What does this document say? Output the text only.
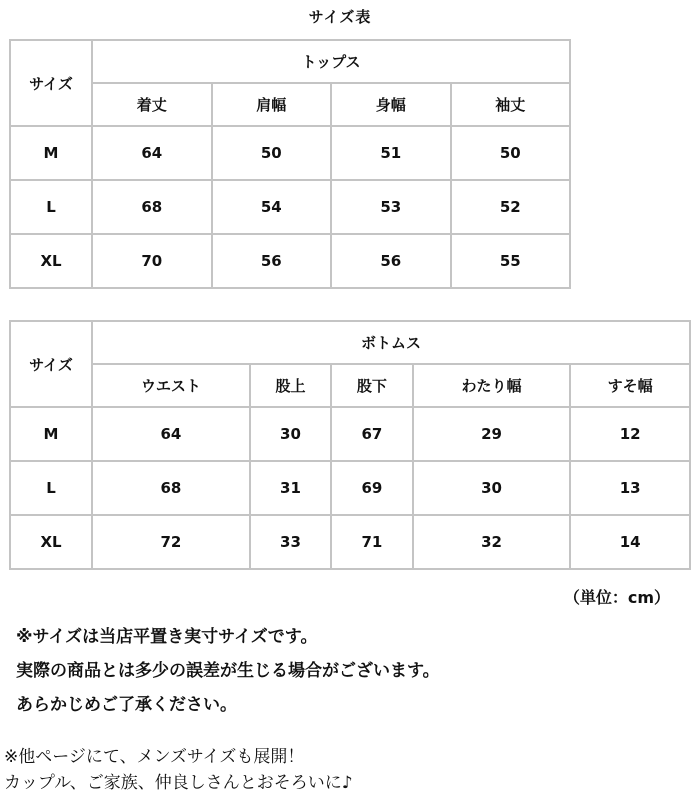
サイズ表
サイズ	トップス			
	着丈	肩幅	身幅	袖丈
M	64	50	51	50
L	68	54	53	52
XL	70	56	56	55
サイズ	ボトムス				
	ウエスト	股上	股下	わたり幅	すそ幅
M	64	30	67	29	12
L	68	31	69	30	13
XL	72	33	71	32	14
（単位：cm）
※サイズは当店平置き実寸サイズです。
実際の商品とは多少の誤差が生じる場合がございます。
あらかじめご了承ください。
※他ページにて、メンズサイズも展開！
カップル、ご家族、仲良しさんとおそろいに♪
